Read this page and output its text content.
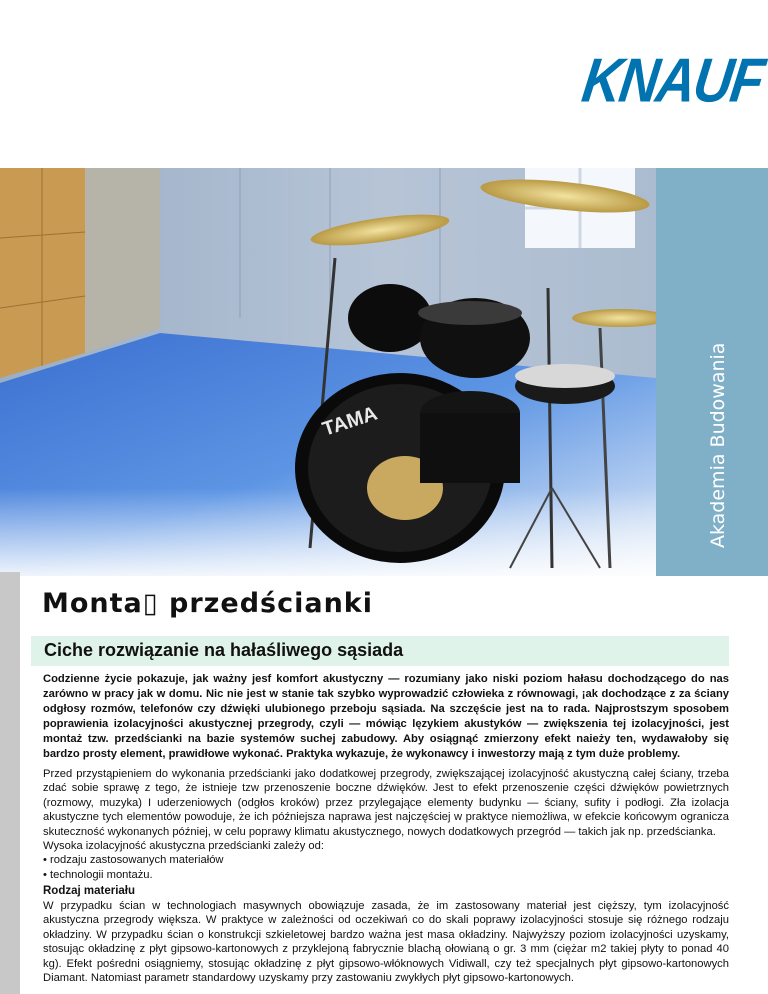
KNAUF
TAMA	Akademia Budowania
Monta▯ przedścianki
Ciche rozwiązanie na hałaśliwego sąsiada

Codzienne życie pokazuje, jak ważny jesf komfort akustyczny — rozumiany jako niski poziom hałasu dochodzącego do nas zarówno w pracy jak w domu. Nic nie jest w stanie tak szybko wyprowadzić człowieka z równowagi, ¡ak dochodzące z za ściany odgłosy rozmów, telefonów czy dźwięki ulubionego przeboju sąsiada. Na szczęście jest na to rada. Najprostszym sposobem poprawienia izolacyjności akustycznej przegrody, czyli — mówiąc lęzykiem akustyków — zwiększenia tej izolacyjności, jest montaż tzw. przedścianki na bazie systemów suchej zabudowy. Aby osiągnąć zmierzony efekt naieży ten, wydawałoby się bardzo prosty element, prawidłowe wykonać. Praktyka wykazuje, że wykonawcy i inwestorzy mają z tym duże problemy.

Przed przystąpieniem do wykonania przedścianki jako dodatkowej przegrody, zwiększającej izolacyjność akustyczną całej ściany, trzeba zdać sobie sprawę z tego, że istnieje tzw przenoszenie boczne dźwięków. Jest to efekt przenoszenie części dźwięków powietrznych (rozmowy, muzyka) I uderzeniowych (odgłos kroków) przez przylegające elementy budynku — ściany, sufity i podłogi. Zła izolacja akustyczne tych elementów powoduje, że ich późniejsza naprawa jest najczęściej w praktyce niemożliwa, w efekcie końcowym ogranicza skuteczność wykonanych później, w celu poprawy klimatu akustycznego, nowych dodatkowych przegród — takich jak np. przedścianka.

Wysoka izolacyjność akustyczna przedścianki zależy od:

• rodzaju zastosowanych materiałów

• technologii montażu.

Rodzaj materiału

W przypadku ścian w technologiach masywnych obowiązuje zasada, że im zastosowany materiał jest cięższy, tym izolacyjność akustyczna przegrody większa. W praktyce w zależności od oczekiwań co do skali poprawy izolacyjności stosuje się różnego rodzaju okładziny. W przypadku ścian o konstrukcji szkieletowej bardzo ważna jest masa okładziny. Najwyższy poziom izolacyjności uzyskamy, stosując okładzinę z płyt gipsowo-kartonowych z przyklejoną fabrycznie blachą ołowianą o gr. 3 mm (ciężar m2 takiej płyty to ponad 40 kg). Efekt pośredni osiągniemy, stosując okładzinę z płyt gipsowo-włóknowych Vidiwall, czy też specjalnych płyt gipsowo-kartonowych Diamant. Natomiast parametr standardowy uzyskamy przy zastowaniu zwykłych płyt gipsowo-kartonowych.
